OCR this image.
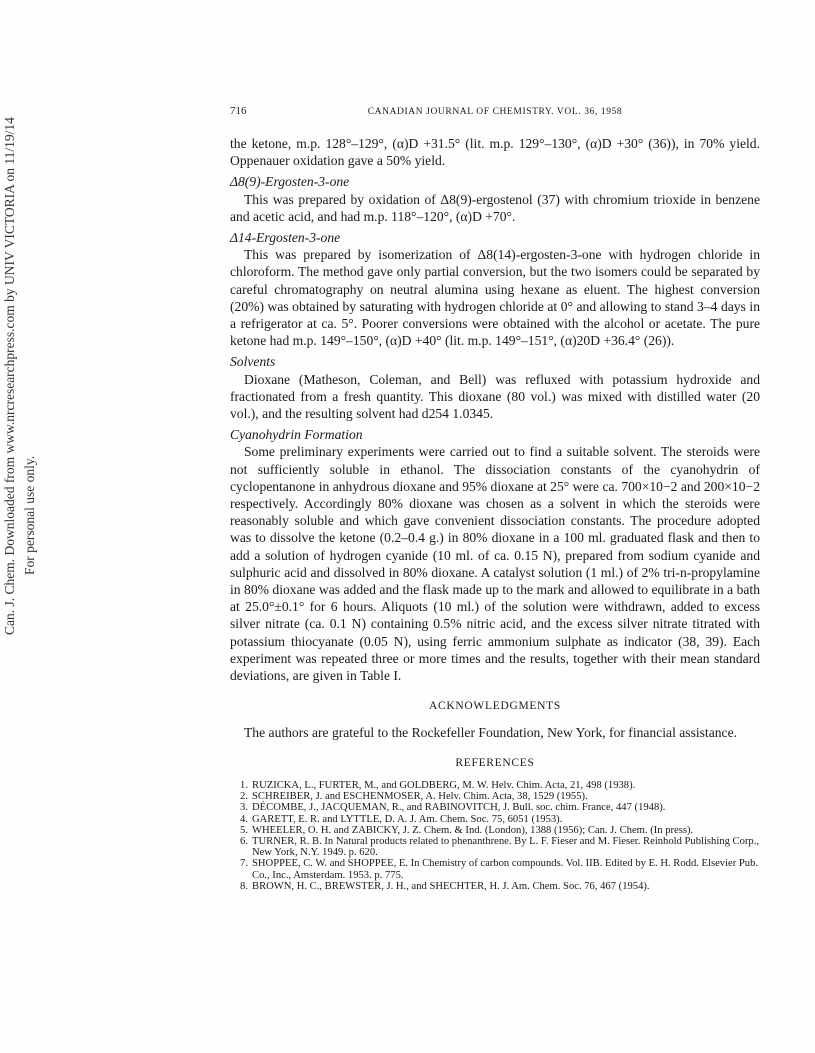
Can. J. Chem. Downloaded from www.nrcresearchpress.com by UNIV VICTORIA on 11/19/14 For personal use only.
716	CANADIAN JOURNAL OF CHEMISTRY. VOL. 36, 1958

the ketone, m.p. 128°–129°, (α)D +31.5° (lit. m.p. 129°–130°, (α)D +30° (36)), in 70% yield. Oppenauer oxidation gave a 50% yield.

Δ8(9)-Ergosten-3-one

This was prepared by oxidation of Δ8(9)-ergostenol (37) with chromium trioxide in benzene and acetic acid, and had m.p. 118°–120°, (α)D +70°.

Δ14-Ergosten-3-one

This was prepared by isomerization of Δ8(14)-ergosten-3-one with hydrogen chloride in chloroform. The method gave only partial conversion, but the two isomers could be separated by careful chromatography on neutral alumina using hexane as eluent. The highest conversion (20%) was obtained by saturating with hydrogen chloride at 0° and allowing to stand 3–4 days in a refrigerator at ca. 5°. Poorer conversions were obtained with the alcohol or acetate. The pure ketone had m.p. 149°–150°, (α)D +40° (lit. m.p. 149°–151°, (α)20D +36.4° (26)).

Solvents

Dioxane (Matheson, Coleman, and Bell) was refluxed with potassium hydroxide and fractionated from a fresh quantity. This dioxane (80 vol.) was mixed with distilled water (20 vol.), and the resulting solvent had d254 1.0345.

Cyanohydrin Formation

Some preliminary experiments were carried out to find a suitable solvent. The steroids were not sufficiently soluble in ethanol. The dissociation constants of the cyanohydrin of cyclopentanone in anhydrous dioxane and 95% dioxane at 25° were ca. 700×10−2 and 200×10−2 respectively. Accordingly 80% dioxane was chosen as a solvent in which the steroids were reasonably soluble and which gave convenient dissociation constants. The procedure adopted was to dissolve the ketone (0.2–0.4 g.) in 80% dioxane in a 100 ml. graduated flask and then to add a solution of hydrogen cyanide (10 ml. of ca. 0.15 N), prepared from sodium cyanide and sulphuric acid and dissolved in 80% dioxane. A catalyst solution (1 ml.) of 2% tri-n-propylamine in 80% dioxane was added and the flask made up to the mark and allowed to equilibrate in a bath at 25.0°±0.1° for 6 hours. Aliquots (10 ml.) of the solution were withdrawn, added to excess silver nitrate (ca. 0.1 N) containing 0.5% nitric acid, and the excess silver nitrate titrated with potassium thiocyanate (0.05 N), using ferric ammonium sulphate as indicator (38, 39). Each experiment was repeated three or more times and the results, together with their mean standard deviations, are given in Table I.

ACKNOWLEDGMENTS

The authors are grateful to the Rockefeller Foundation, New York, for financial assistance.

REFERENCES
1. RUZICKA, L., FURTER, M., and GOLDBERG, M. W. Helv. Chim. Acta, 21, 498 (1938).
2. SCHREIBER, J. and ESCHENMOSER, A. Helv. Chim. Acta, 38, 1529 (1955).
3. DÉCOMBE, J., JACQUEMAN, R., and RABINOVITCH, J. Bull. soc. chim. France, 447 (1948).
4. GARETT, E. R. and LYTTLE, D. A. J. Am. Chem. Soc. 75, 6051 (1953).
5. WHEELER, O. H. and ZABICKY, J. Z. Chem. & Ind. (London), 1388 (1956); Can. J. Chem. (In press).
6. TURNER, R. B. In Natural products related to phenanthrene. By L. F. Fieser and M. Fieser. Reinhold Publishing Corp., New York, N.Y. 1949. p. 620.
7. SHOPPEE, C. W. and SHOPPEE, E. In Chemistry of carbon compounds. Vol. IIB. Edited by E. H. Rodd. Elsevier Pub. Co., Inc., Amsterdam. 1953. p. 775.
8. BROWN, H. C., BREWSTER, J. H., and SHECHTER, H. J. Am. Chem. Soc. 76, 467 (1954).
